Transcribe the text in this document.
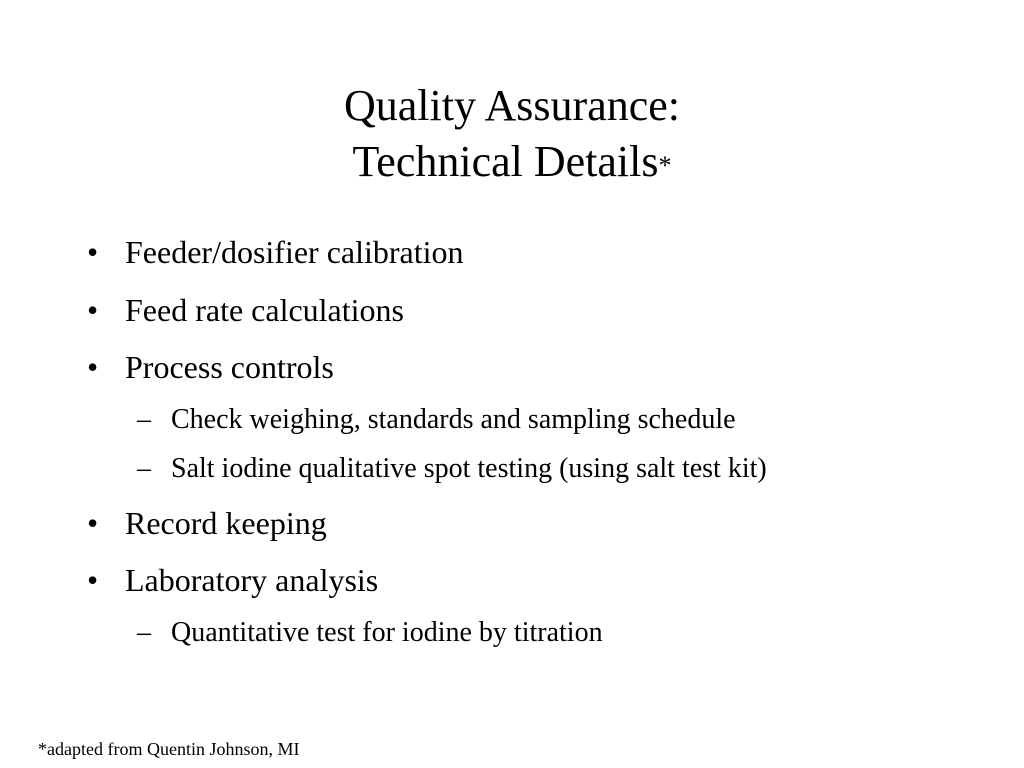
Quality Assurance:
Technical Details*
• Feeder/dosifier calibration
• Feed rate calculations
• Process controls
– Check weighing, standards and sampling schedule
– Salt iodine qualitative spot testing (using salt test kit)
• Record keeping
• Laboratory analysis
– Quantitative test for iodine by titration
*adapted from Quentin Johnson, MI
